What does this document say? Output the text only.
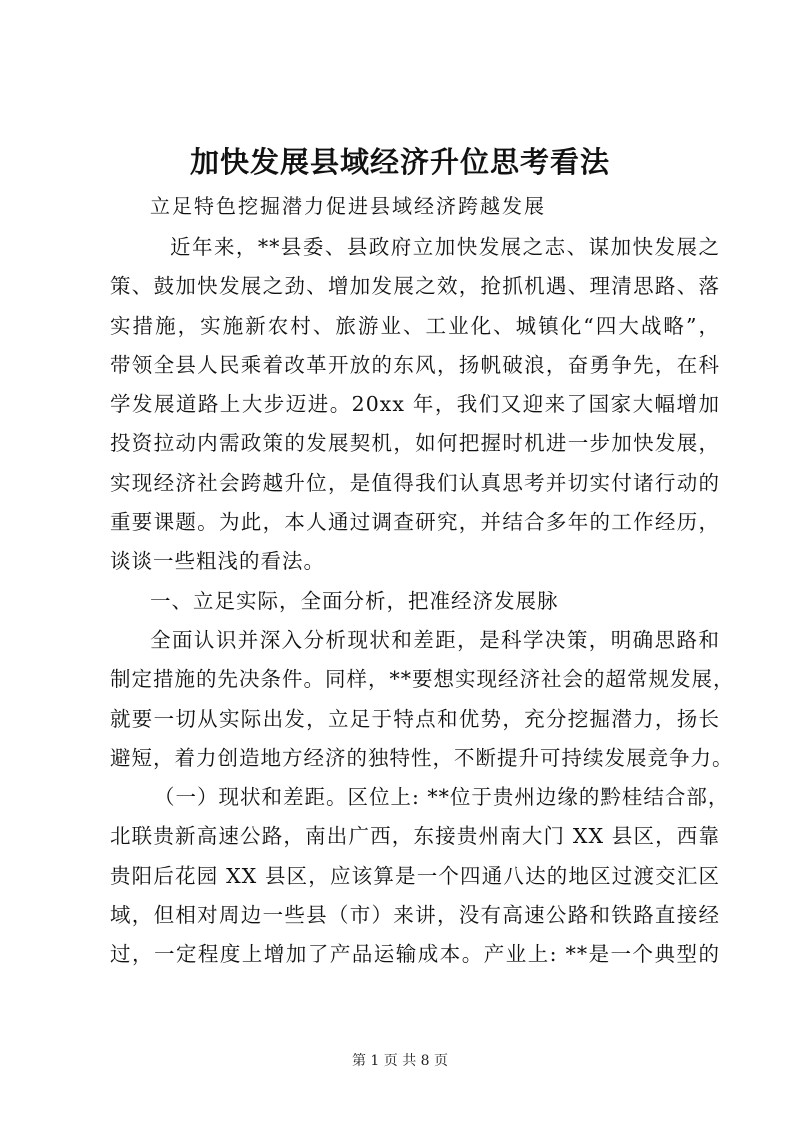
加快发展县域经济升位思考看法

立足特色挖掘潜力促进县域经济跨越发展

近年来，**县委、县政府立加快发展之志、谋加快发展之
策、鼓加快发展之劲、增加发展之效，抢抓机遇、理清思路、落
实措施，实施新农村、旅游业、工业化、城镇化“四大战略”，
带领全县人民乘着改革开放的东风，扬帆破浪，奋勇争先，在科
学发展道路上大步迈进。20xx 年，我们又迎来了国家大幅增加
投资拉动内需政策的发展契机，如何把握时机进一步加快发展，
实现经济社会跨越升位，是值得我们认真思考并切实付诸行动的
重要课题。为此，本人通过调查研究，并结合多年的工作经历，
谈谈一些粗浅的看法。
一、立足实际，全面分析，把准经济发展脉
全面认识并深入分析现状和差距，是科学决策，明确思路和
制定措施的先决条件。同样，**要想实现经济社会的超常规发展，
就要一切从实际出发，立足于特点和优势，充分挖掘潜力，扬长
避短，着力创造地方经济的独特性，不断提升可持续发展竞争力。
（一）现状和差距。区位上: **位于贵州边缘的黔桂结合部，
北联贵新高速公路，南出广西，东接贵州南大门 XX 县区，西靠
贵阳后花园 XX 县区，应该算是一个四通八达的地区过渡交汇区
域，但相对周边一些县（市）来讲，没有高速公路和铁路直接经
过，一定程度上增加了产品运输成本。产业上: **是一个典型的
第 1 页 共 8 页
